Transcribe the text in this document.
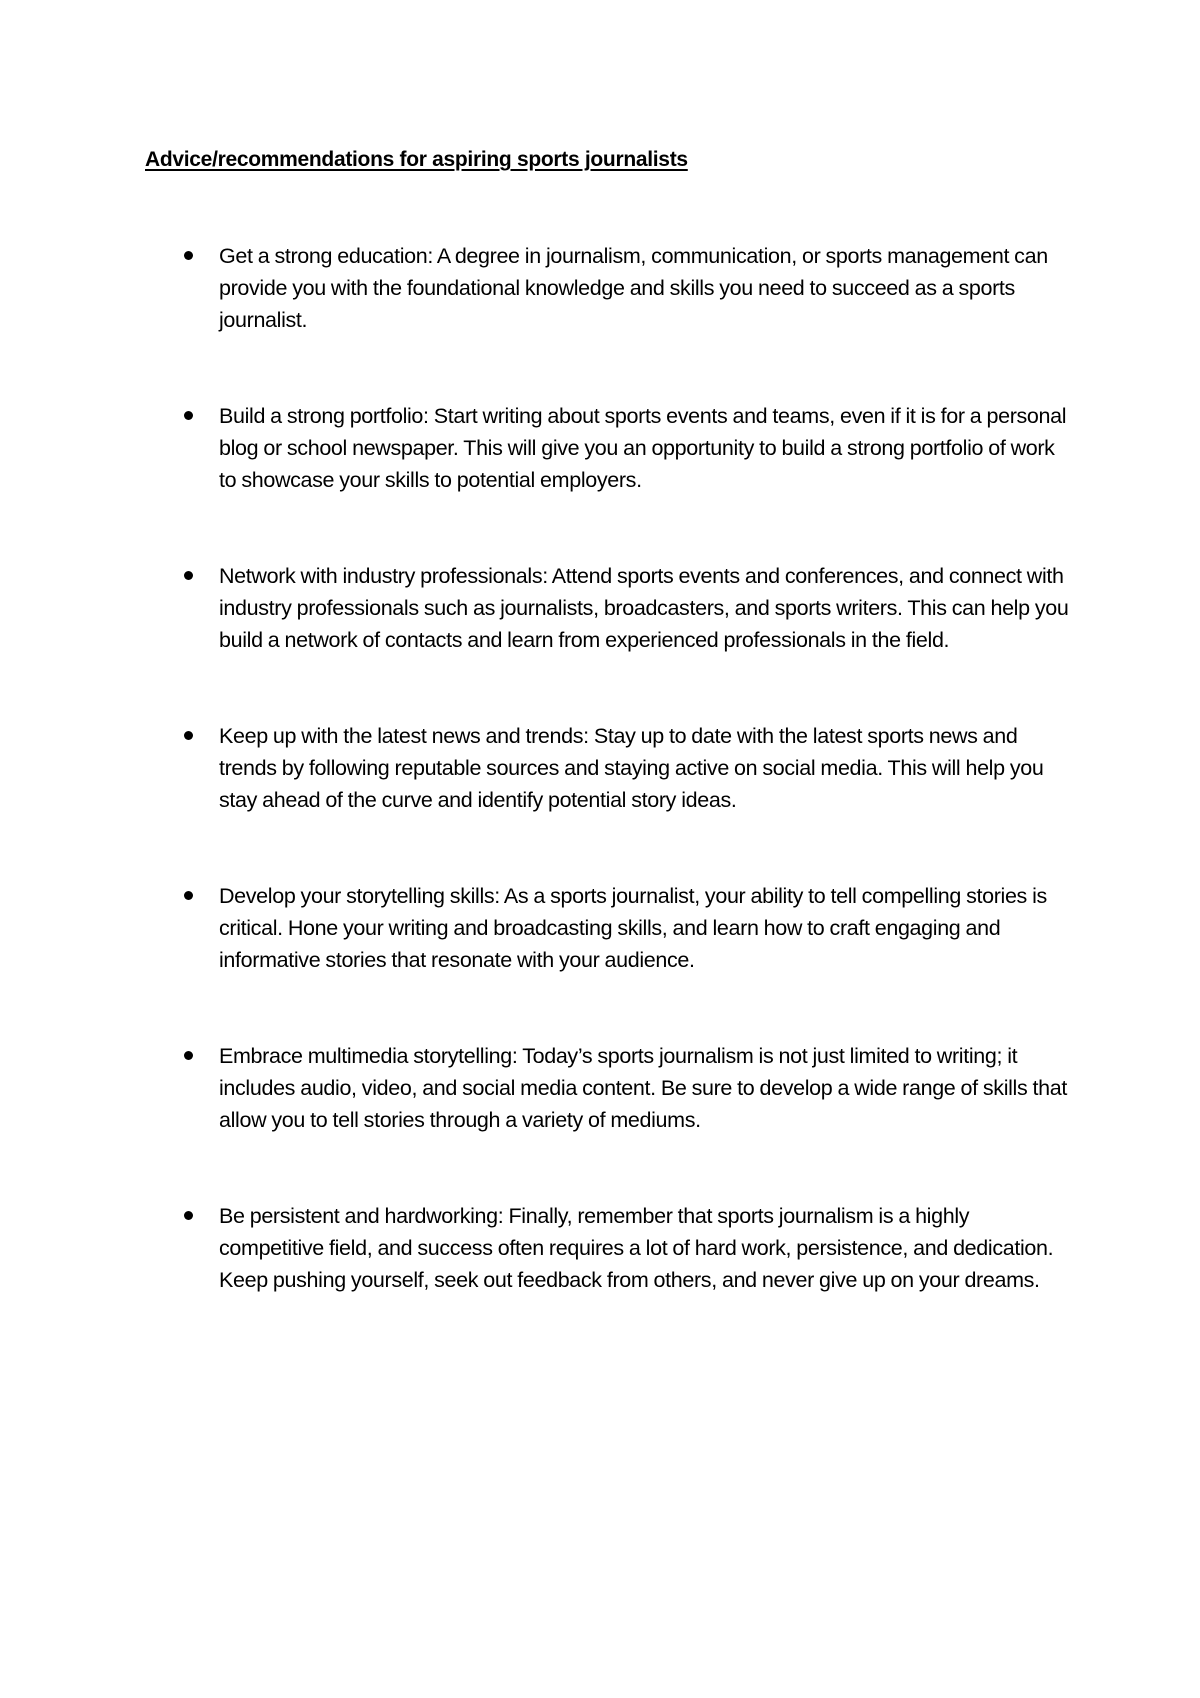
Advice/recommendations for aspiring sports journalists
Get a strong education: A degree in journalism, communication, or sports management can provide you with the foundational knowledge and skills you need to succeed as a sports journalist.
Build a strong portfolio: Start writing about sports events and teams, even if it is for a personal blog or school newspaper. This will give you an opportunity to build a strong portfolio of work to showcase your skills to potential employers.
Network with industry professionals: Attend sports events and conferences, and connect with industry professionals such as journalists, broadcasters, and sports writers. This can help you build a network of contacts and learn from experienced professionals in the field.
Keep up with the latest news and trends: Stay up to date with the latest sports news and trends by following reputable sources and staying active on social media. This will help you stay ahead of the curve and identify potential story ideas.
Develop your storytelling skills: As a sports journalist, your ability to tell compelling stories is critical. Hone your writing and broadcasting skills, and learn how to craft engaging and informative stories that resonate with your audience.
Embrace multimedia storytelling: Today’s sports journalism is not just limited to writing; it includes audio, video, and social media content. Be sure to develop a wide range of skills that allow you to tell stories through a variety of mediums.
Be persistent and hardworking: Finally, remember that sports journalism is a highly competitive field, and success often requires a lot of hard work, persistence, and dedication. Keep pushing yourself, seek out feedback from others, and never give up on your dreams.
